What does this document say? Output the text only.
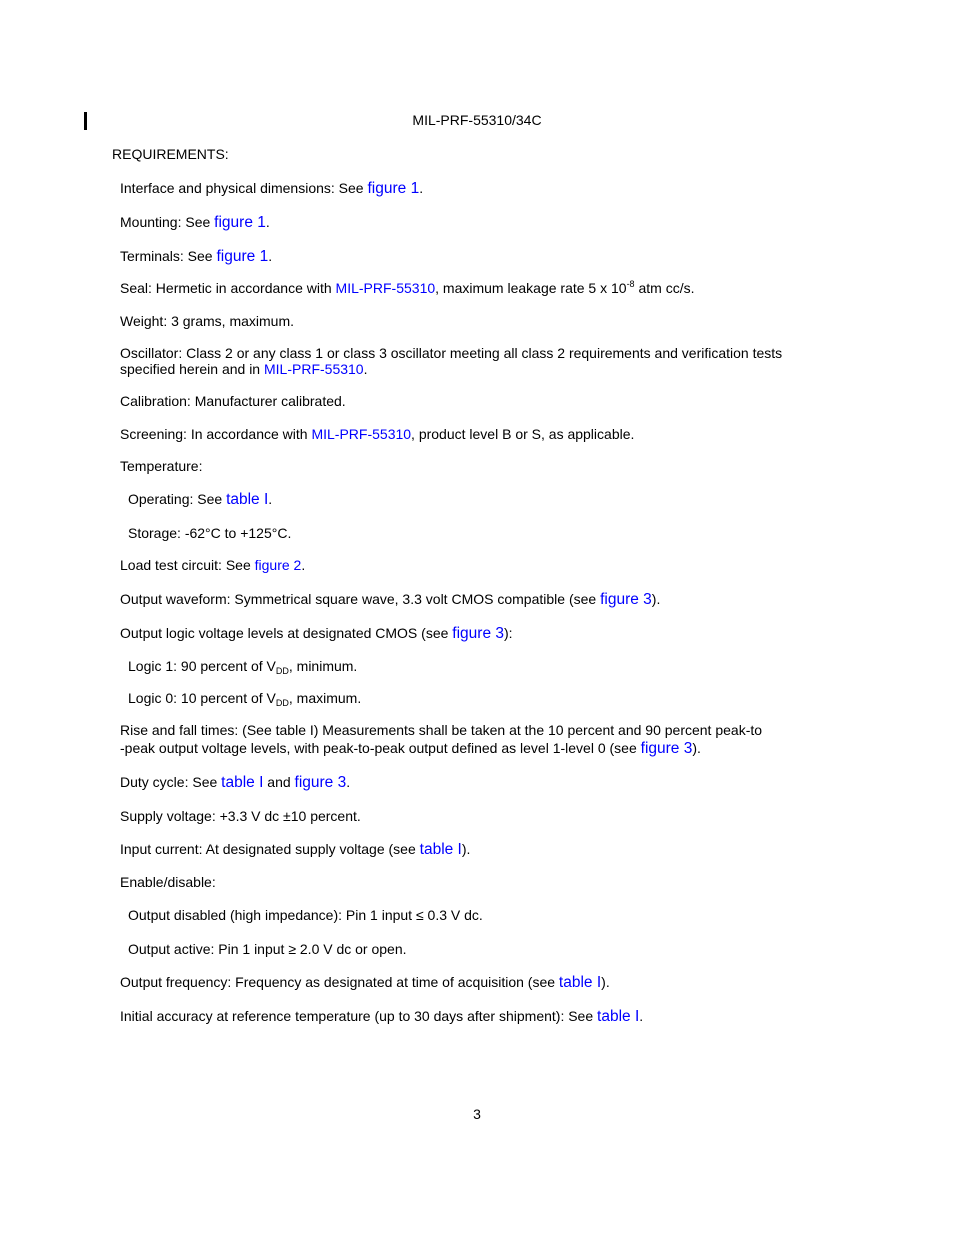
MIL-PRF-55310/34C
REQUIREMENTS:
Interface and physical dimensions: See figure 1.
Mounting: See figure 1.
Terminals: See figure 1.
Seal: Hermetic in accordance with MIL-PRF-55310, maximum leakage rate 5 x $10^{-8}$ atm cc/s.
Weight: 3 grams, maximum.
Oscillator: Class 2 or any class 1 or class 3 oscillator meeting all class 2 requirements and verification tests specified herein and in MIL-PRF-55310.
Calibration: Manufacturer calibrated.
Screening: In accordance with MIL-PRF-55310, product level B or S, as applicable.
Temperature:
Operating: See table I.
Storage: -62°C to +125°C.
Load test circuit: See figure 2.
Output waveform: Symmetrical square wave, 3.3 volt CMOS compatible (see figure 3).
Output logic voltage levels at designated CMOS (see figure 3):
Logic 1: 90 percent of $V_{DD}$, minimum.
Logic 0: 10 percent of $V_{DD}$, maximum.
Rise and fall times: (See table I) Measurements shall be taken at the 10 percent and 90 percent peak-to
-peak output voltage levels, with peak-to-peak output defined as level 1-level 0 (see figure 3).
Duty cycle: See table I and figure 3.
Supply voltage: +3.3 V dc ±10 percent.
Input current: At designated supply voltage (see table I).
Enable/disable:
Output disabled (high impedance): Pin 1 input ≤ 0.3 V dc.
Output active: Pin 1 input ≥ 2.0 V dc or open.
Output frequency: Frequency as designated at time of acquisition (see table I).
Initial accuracy at reference temperature (up to 30 days after shipment): See table I.
3
